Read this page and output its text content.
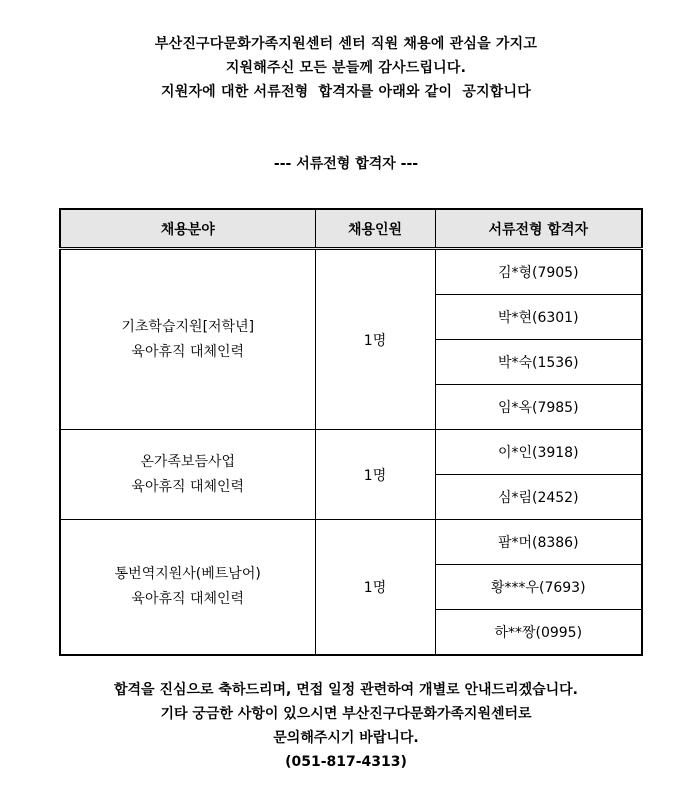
부산진구다문화가족지원센터 센터 직원 채용에 관심을 가지고
지원해주신 모든 분들께 감사드립니다.
지원자에 대한 서류전형  합격자를 아래와 같이  공지합니다
--- 서류전형 합격자 ---
채용분야	채용인원	서류전형 합격자

기초학습지원[저학년]
육아휴직 대체인력	1명	김*형(7905)
		박*현(6301)
		박*숙(1536)
		임*옥(7985)

온가족보듬사업
육아휴직 대체인력	1명	이*인(3918)
		심*림(2452)

통번역지원사(베트남어)
육아휴직 대체인력	1명	팜*머(8386)
		황***우(7693)
		하**짱(0995)
합격을 진심으로 축하드리며, 면접 일정 관련하여 개별로 안내드리겠습니다.
기타 궁금한 사항이 있으시면 부산진구다문화가족지원센터로
문의해주시기 바랍니다.
(051-817-4313)
